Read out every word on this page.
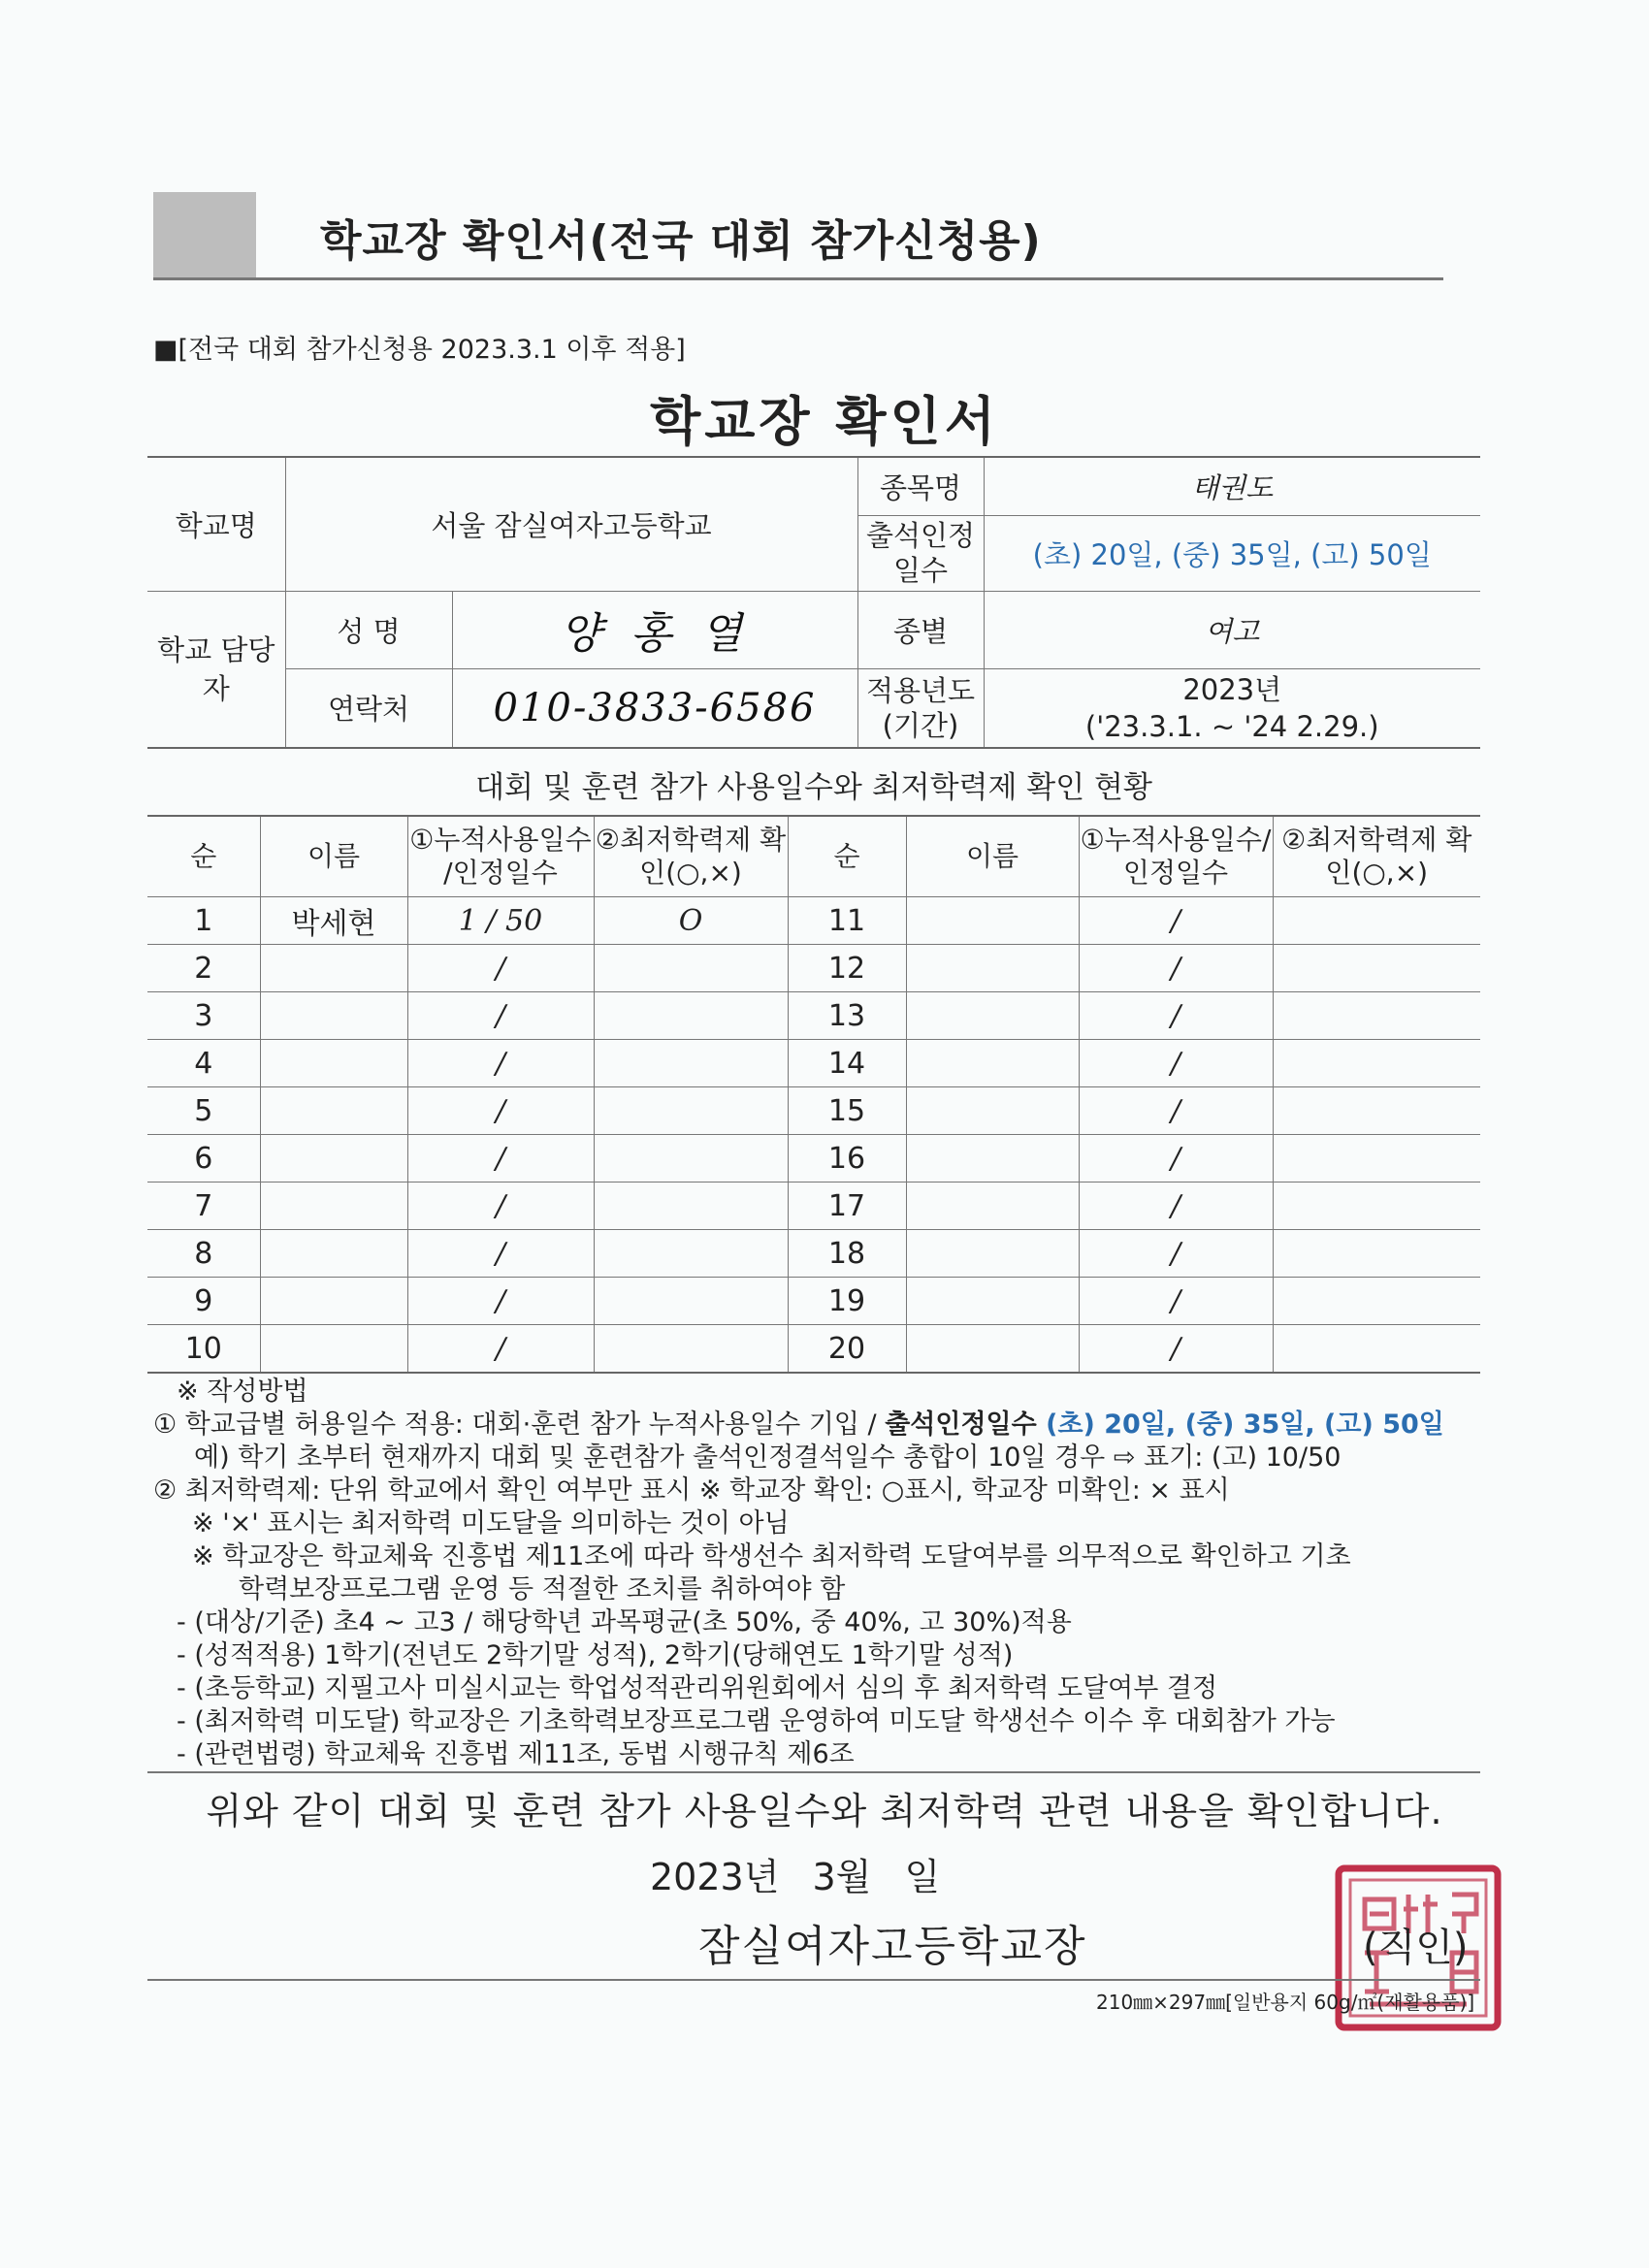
학교장 확인서(전국 대회 참가신청용)
■[전국 대회 참가신청용 2023.3.1 이후 적용]
학교장 확인서
학교명	서울 잠실여자고등학교		종목명	태권도
			출석인정 일수	(초) 20일, (중) 35일, (고) 50일
학교 담당자	성 명	양 홍 열	종별	여고
	연락처	010-3833-6586	적용년도 (기간)	2023년
('23.3.1. ~ '24 2.29.)
대회 및 훈련 참가 사용일수와 최저학력제 확인 현황
순	이름	①누적사용일수 /인정일수	②최저학력제 확인(○,×)	순	이름	①누적사용일수/ 인정일수	②최저학력제 확인(○,×)
1	박세현	1 / 50	O	11		/	
2		/		12		/	
3		/		13		/	
4		/		14		/	
5		/		15		/	
6		/		16		/	
7		/		17		/	
8		/		18		/	
9		/		19		/	
10		/		20		/	
※ 작성방법
① 학교급별 허용일수 적용: 대회·훈련 참가 누적사용일수 기입 / 출석인정일수 (초) 20일, (중) 35일, (고) 50일
예) 학기 초부터 현재까지 대회 및 훈련참가 출석인정결석일수 총합이 10일 경우 ⇨ 표기: (고) 10/50
② 최저학력제: 단위 학교에서 확인 여부만 표시 ※ 학교장 확인: ○표시, 학교장 미확인: × 표시
※ '×' 표시는 최저학력 미도달을 의미하는 것이 아님
※ 학교장은 학교체육 진흥법 제11조에 따라 학생선수 최저학력 도달여부를 의무적으로 확인하고 기초
학력보장프로그램 운영 등 적절한 조치를 취하여야 함
- (대상/기준) 초4 ~ 고3 / 해당학년 과목평균(초 50%, 중 40%, 고 30%)적용
- (성적적용) 1학기(전년도 2학기말 성적), 2학기(당해연도 1학기말 성적)
- (초등학교) 지필고사 미실시교는 학업성적관리위원회에서 심의 후 최저학력 도달여부 결정
- (최저학력 미도달) 학교장은 기초학력보장프로그램 운영하여 미도달 학생선수 이수 후 대회참가 가능
- (관련법령) 학교체육 진흥법 제11조, 동법 시행규칙 제6조
위와 같이 대회 및 훈련 참가 사용일수와 최저학력 관련 내용을 확인합니다.
2023년 3월 일
잠실여자고등학교장	(직인)
210㎜×297㎜[일반용지 60g/㎡(재활용품)]
